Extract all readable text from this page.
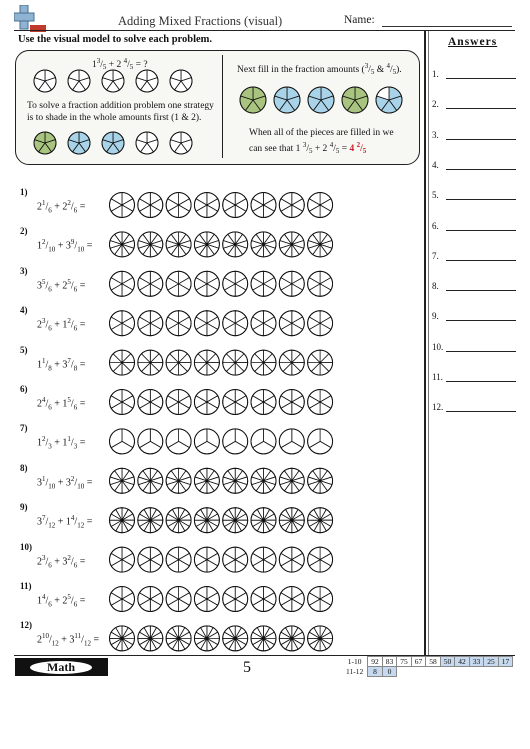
Adding Mixed Fractions (visual)	Name:
Use the visual model to solve each problem.	Answers
1.
2.
3.
4.
5.
6.
7.
8.
9.
10.
11.
12.
$1^3/_5 + 2$ $^4/_5$ = ?
To solve a fraction addition problem one strategy
is to shade in the whole amounts first (1 & 2).
Next fill in the fraction amounts ($^3/_5$ & $^4/_5$).
When all of the pieces are filled in we
can see that 1 $^3/_5 + 2$ $^4/_5 = 4$ $^2/_5$
1)
$2^1/_6 + 2^2/_6$ =
2)
$1^2/_{10} + 3^9/_{10}$ =
3)
$3^5/_6 + 2^5/_6$ =
4)
$2^3/_6 + 1^2/_6$ =
5)
$1^1/_8 + 3^7/_8$ =
6)
$2^4/_6 + 1^5/_6$ =
7)
$1^2/_3 + 1^1/_3$ =
8)
$3^1/_{10} + 3^2/_{10}$ =
9)
$3^7/_{12} + 1^4/_{12}$ =
10)
$2^3/_6 + 3^2/_6$ =
11)
$1^4/_6 + 2^5/_6$ =
12)
$2^{10}/_{12} + 3^{11}/_{12}$ =
Math	5	1-10	92	83	75	67	58	50	42	33	25	17
11-12	8	0								
